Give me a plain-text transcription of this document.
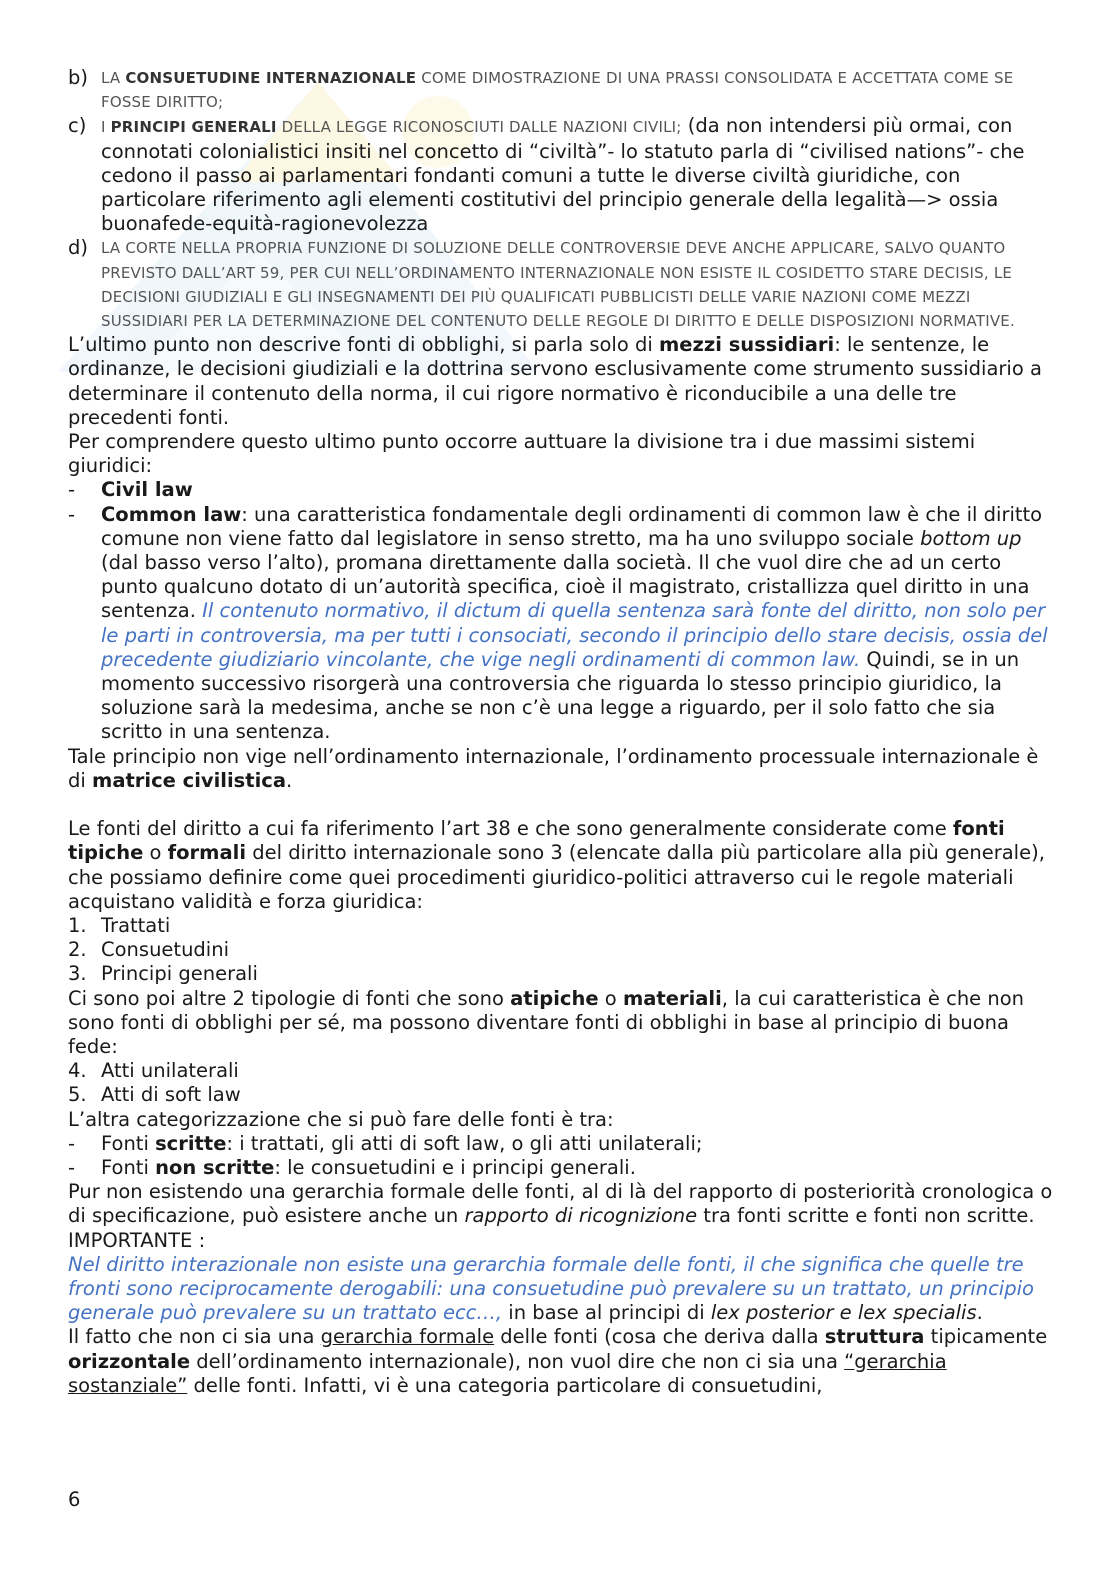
b) LA CONSUETUDINE INTERNAZIONALE COME DIMOSTRAZIONE DI UNA PRASSI CONSOLIDATA E ACCETTATA COME SE FOSSE DIRITTO;

c) I PRINCIPI GENERALI DELLA LEGGE RICONOSCIUTI DALLE NAZIONI CIVILI; (da non intendersi più ormai, con connotati colonialistici insiti nel concetto di “civiltà”- lo statuto parla di “civilised nations”- che cedono il passo ai parlamentari fondanti comuni a tutte le diverse civiltà giuridiche, con particolare riferimento agli elementi costitutivi del principio generale della legalità—> ossia buonafede-equità-ragionevolezza

d) LA CORTE NELLA PROPRIA FUNZIONE DI SOLUZIONE DELLE CONTROVERSIE DEVE ANCHE APPLICARE, SALVO QUANTO PREVISTO DALL’ART 59, PER CUI NELL’ORDINAMENTO INTERNAZIONALE NON ESISTE IL COSIDETTO STARE DECISIS, LE DECISIONI GIUDIZIALI E GLI INSEGNAMENTI DEI PIÙ QUALIFICATI PUBBLICISTI DELLE VARIE NAZIONI COME MEZZI SUSSIDIARI PER LA DETERMINAZIONE DEL CONTENUTO DELLE REGOLE DI DIRITTO E DELLE DISPOSIZIONI NORMATIVE.

L’ultimo punto non descrive fonti di obblighi, si parla solo di mezzi sussidiari: le sentenze, le ordinanze, le decisioni giudiziali e la dottrina servono esclusivamente come strumento sussidiario a determinare il contenuto della norma, il cui rigore normativo è riconducibile a una delle tre precedenti fonti.

Per comprendere questo ultimo punto occorre auttuare la divisione tra i due massimi sistemi giuridici:

- Civil law

- Common law: una caratteristica fondamentale degli ordinamenti di common law è che il diritto comune non viene fatto dal legislatore in senso stretto, ma ha uno sviluppo sociale bottom up (dal basso verso l’alto), promana direttamente dalla società. Il che vuol dire che ad un certo punto qualcuno dotato di un’autorità specifica, cioè il magistrato, cristallizza quel diritto in una sentenza. Il contenuto normativo, il dictum di quella sentenza sarà fonte del diritto, non solo per le parti in controversia, ma per tutti i consociati, secondo il principio dello stare decisis, ossia del precedente giudiziario vincolante, che vige negli ordinamenti di common law. Quindi, se in un momento successivo risorgerà una controversia che riguarda lo stesso principio giuridico, la soluzione sarà la medesima, anche se non c’è una legge a riguardo, per il solo fatto che sia scritto in una sentenza.

Tale principio non vige nell’ordinamento internazionale, l’ordinamento processuale internazionale è di matrice civilistica.

Le fonti del diritto a cui fa riferimento l’art 38 e che sono generalmente considerate come fonti tipiche o formali del diritto internazionale sono 3 (elencate dalla più particolare alla più generale), che possiamo definire come quei procedimenti giuridico-politici attraverso cui le regole materiali acquistano validità e forza giuridica:

1. Trattati

2. Consuetudini

3. Principi generali

Ci sono poi altre 2 tipologie di fonti che sono atipiche o materiali, la cui caratteristica è che non sono fonti di obblighi per sé, ma possono diventare fonti di obblighi in base al principio di buona fede:

4. Atti unilaterali

5. Atti di soft law

L’altra categorizzazione che si può fare delle fonti è tra:

- Fonti scritte: i trattati, gli atti di soft law, o gli atti unilaterali;

- Fonti non scritte: le consuetudini e i principi generali.

Pur non esistendo una gerarchia formale delle fonti, al di là del rapporto di posteriorità cronologica o di specificazione, può esistere anche un rapporto di ricognizione tra fonti scritte e fonti non scritte.

IMPORTANTE :

Nel diritto interazionale non esiste una gerarchia formale delle fonti, il che significa che quelle tre fronti sono reciprocamente derogabili: una consuetudine può prevalere su un trattato, un principio generale può prevalere su un trattato ecc…, in base al principi di lex posterior e lex specialis.

Il fatto che non ci sia una gerarchia formale delle fonti (cosa che deriva dalla struttura tipicamente orizzontale dell’ordinamento internazionale), non vuol dire che non ci sia una “gerarchia sostanziale” delle fonti. Infatti, vi è una categoria particolare di consuetudini,

6
